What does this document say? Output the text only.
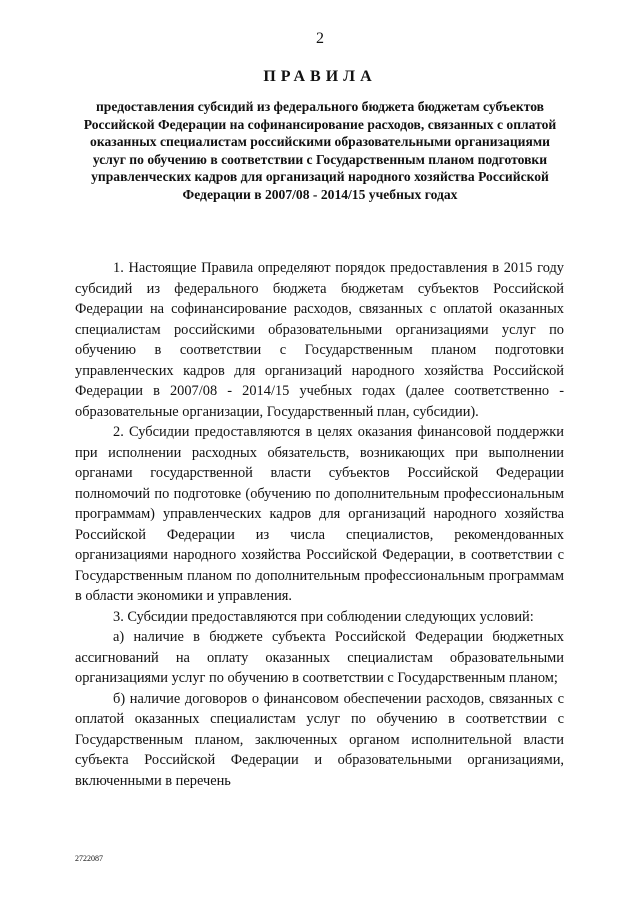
2
ПРАВИЛА
предоставления субсидий из федерального бюджета бюджетам субъектов Российской Федерации на софинансирование расходов, связанных с оплатой оказанных специалистам российскими образовательными организациями услуг по обучению в соответствии с Государственным планом подготовки управленческих кадров для организаций народного хозяйства Российской Федерации в 2007/08 - 2014/15 учебных годах

1. Настоящие Правила определяют порядок предоставления в 2015 году субсидий из федерального бюджета бюджетам субъектов Российской Федерации на софинансирование расходов, связанных с оплатой оказанных специалистам российскими образовательными организациями услуг по обучению в соответствии с Государственным планом подготовки управленческих кадров для организаций народного хозяйства Российской Федерации в 2007/08 - 2014/15 учебных годах (далее соответственно - образовательные организации, Государственный план, субсидии).

2. Субсидии предоставляются в целях оказания финансовой поддержки при исполнении расходных обязательств, возникающих при выполнении органами государственной власти субъектов Российской Федерации полномочий по подготовке (обучению по дополнительным профессиональным программам) управленческих кадров для организаций народного хозяйства Российской Федерации из числа специалистов, рекомендованных организациями народного хозяйства Российской Федерации, в соответствии с Государственным планом по дополнительным профессиональным программам в области экономики и управления.

3. Субсидии предоставляются при соблюдении следующих условий:

а) наличие в бюджете субъекта Российской Федерации бюджетных ассигнований на оплату оказанных специалистам образовательными организациями услуг по обучению в соответствии с Государственным планом;

б) наличие договоров о финансовом обеспечении расходов, связанных с оплатой оказанных специалистам услуг по обучению в соответствии с Государственным планом, заключенных органом исполнительной власти субъекта Российской Федерации и образовательными организациями, включенными в перечень

2722087
